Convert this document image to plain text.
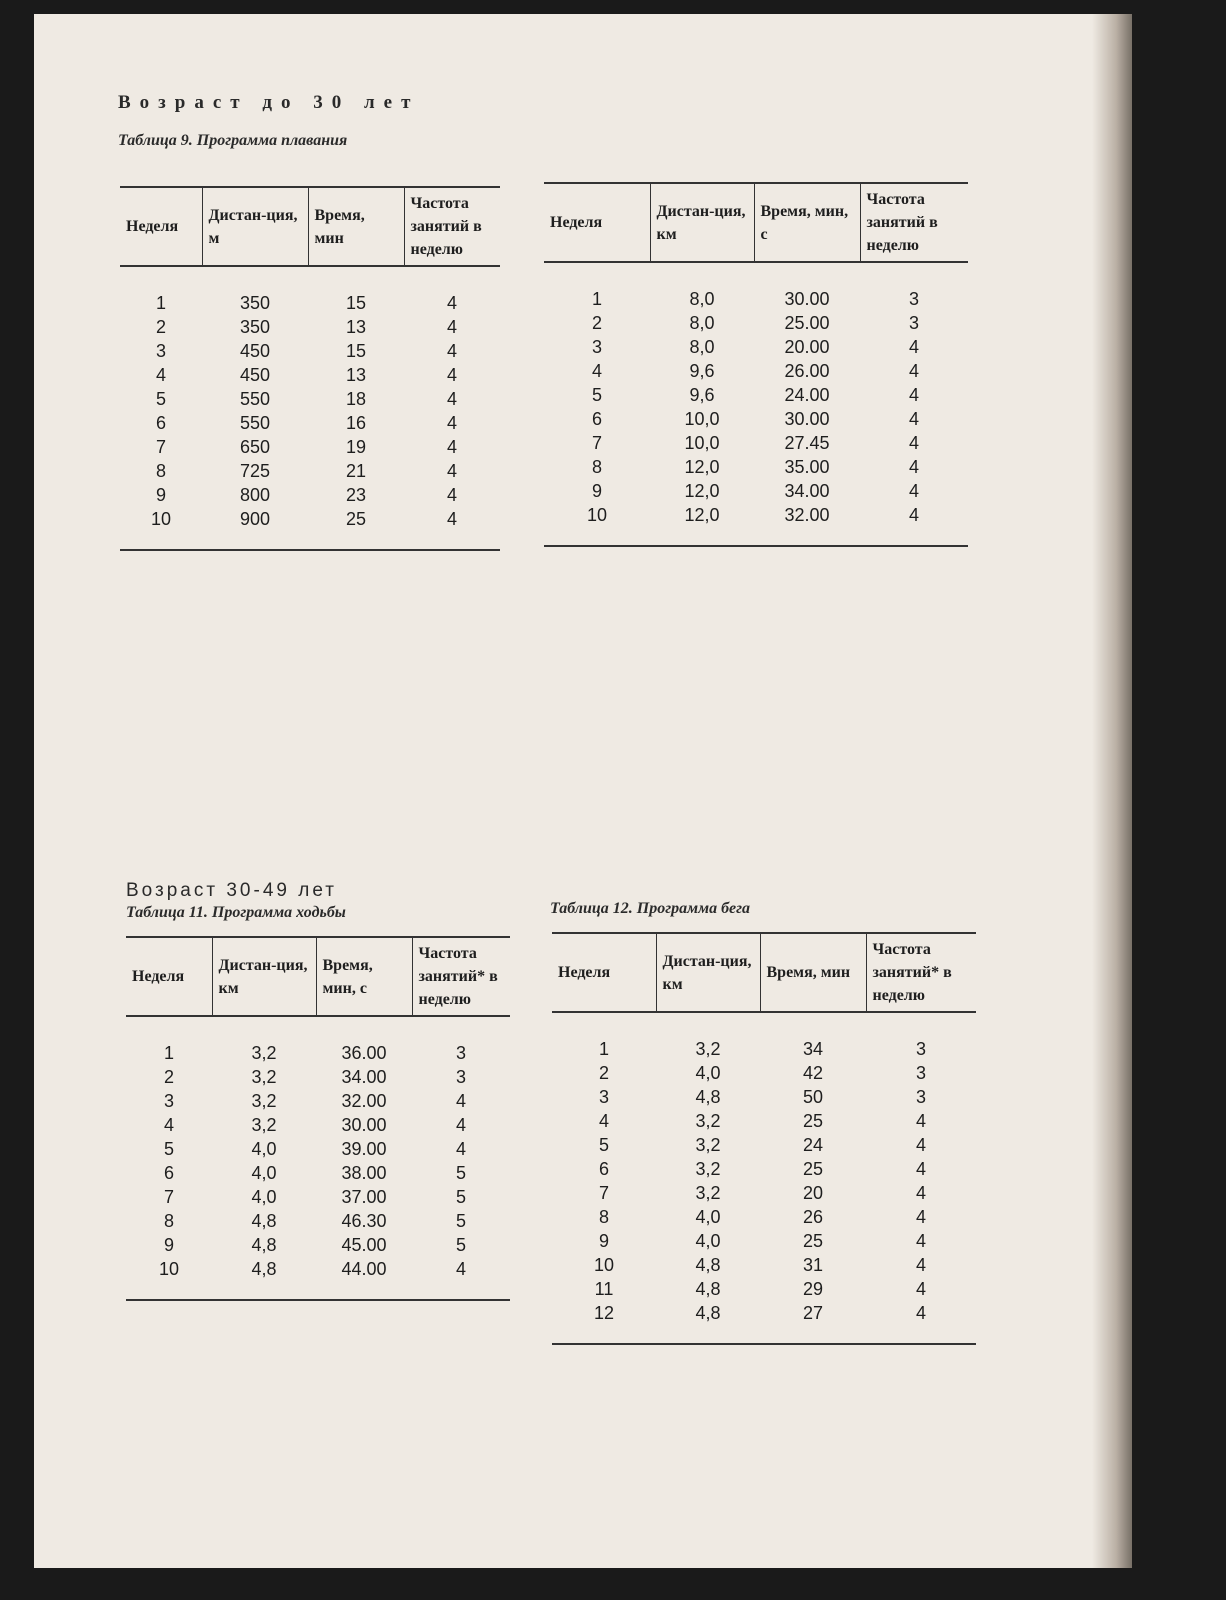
Возраст до 30 лет
Таблица 9. Программа плавания
Неделя	Дистан-ция, м	Время, мин	Частота занятий в неделю
1	350	15	4
2	350	13	4
3	450	15	4
4	450	13	4
5	550	18	4
6	550	16	4
7	650	19	4
8	725	21	4
9	800	23	4
10	900	25	4
Неделя	Дистан-ция, км	Время, мин, с	Частота занятий в неделю
1	8,0	30.00	3
2	8,0	25.00	3
3	8,0	20.00	4
4	9,6	26.00	4
5	9,6	24.00	4
6	10,0	30.00	4
7	10,0	27.45	4
8	12,0	35.00	4
9	12,0	34.00	4
10	12,0	32.00	4
Возраст 30-49 лет
Таблица 11. Программа ходьбы	Таблица 12. Программа бега
Неделя	Дистан-ция, км	Время, мин, с	Частота занятий* в неделю
1	3,2	36.00	3
2	3,2	34.00	3
3	3,2	32.00	4
4	3,2	30.00	4
5	4,0	39.00	4
6	4,0	38.00	5
7	4,0	37.00	5
8	4,8	46.30	5
9	4,8	45.00	5
10	4,8	44.00	4
Неделя	Дистан-ция, км	Время, мин	Частота занятий* в неделю
1	3,2	34	3
2	4,0	42	3
3	4,8	50	3
4	3,2	25	4
5	3,2	24	4
6	3,2	25	4
7	3,2	20	4
8	4,0	26	4
9	4,0	25	4
10	4,8	31	4
11	4,8	29	4
12	4,8	27	4
